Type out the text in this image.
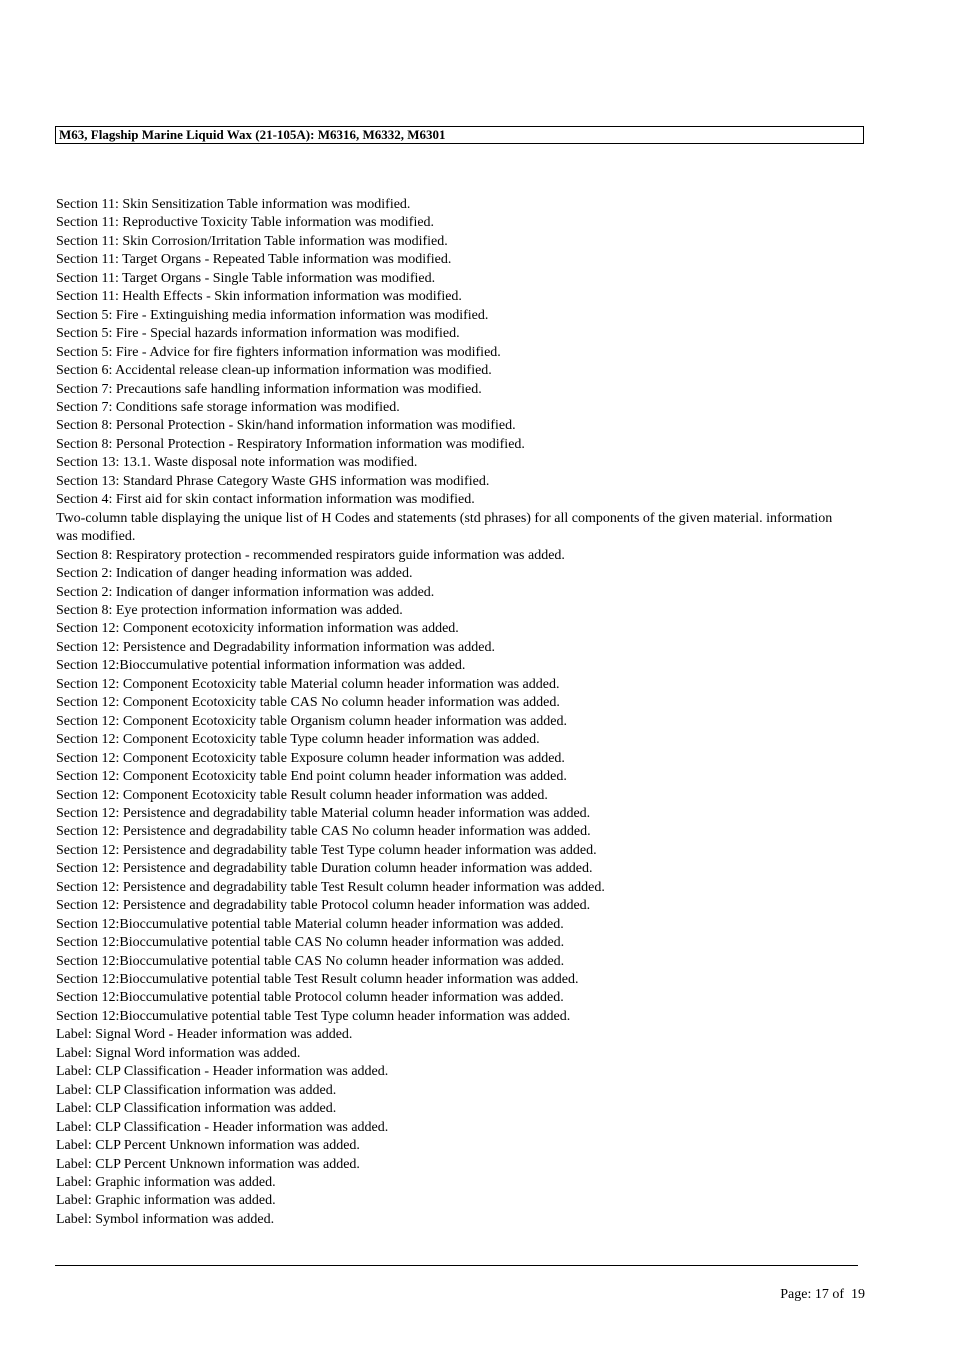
M63, Flagship Marine Liquid Wax (21-105A): M6316, M6332, M6301
Section 11: Skin Sensitization Table information was modified.
Section 11: Reproductive Toxicity Table information was modified.
Section 11: Skin Corrosion/Irritation Table information was modified.
Section 11: Target Organs - Repeated Table information was modified.
Section 11: Target Organs - Single Table information was modified.
Section 11: Health Effects - Skin information information was modified.
Section 5: Fire - Extinguishing media information information was modified.
Section 5: Fire - Special hazards information information was modified.
Section 5: Fire - Advice for fire fighters information information was modified.
Section 6: Accidental release clean-up information information was modified.
Section 7: Precautions safe handling information information was modified.
Section 7: Conditions safe storage information was modified.
Section 8: Personal Protection - Skin/hand information information was modified.
Section 8: Personal Protection - Respiratory Information information was modified.
Section 13: 13.1. Waste disposal note information was modified.
Section 13: Standard Phrase Category Waste GHS information was modified.
Section 4: First aid for skin contact information information was modified.
Two-column table displaying the unique list of H Codes and statements (std phrases) for all components of the given material. information was modified.
Section 8: Respiratory protection - recommended respirators guide information was added.
Section 2: Indication of danger heading information was added.
Section 2: Indication of danger information information was added.
Section 8: Eye protection information information was added.
Section 12: Component ecotoxicity information information was added.
Section 12: Persistence and Degradability information information was added.
Section 12:Bioccumulative potential information information was added.
Section 12: Component Ecotoxicity table Material column header information was added.
Section 12: Component Ecotoxicity table CAS No column header information was added.
Section 12: Component Ecotoxicity table Organism column header information was added.
Section 12: Component Ecotoxicity table Type column header information was added.
Section 12: Component Ecotoxicity table Exposure column header information was added.
Section 12: Component Ecotoxicity table End point column header information was added.
Section 12: Component Ecotoxicity table Result column header information was added.
Section 12: Persistence and degradability table Material column header information was added.
Section 12: Persistence and degradability table CAS No column header information was added.
Section 12: Persistence and degradability table Test Type column header information was added.
Section 12: Persistence and degradability table Duration column header information was added.
Section 12: Persistence and degradability table Test Result column header information was added.
Section 12: Persistence and degradability table Protocol column header information was added.
Section 12:Bioccumulative potential table Material column header information was added.
Section 12:Bioccumulative potential table CAS No column header information was added.
Section 12:Bioccumulative potential table CAS No column header information was added.
Section 12:Bioccumulative potential table Test Result column header information was added.
Section 12:Bioccumulative potential table Protocol column header information was added.
Section 12:Bioccumulative potential table Test Type column header information was added.
Label: Signal Word - Header information was added.
Label: Signal Word information was added.
Label: CLP Classification - Header information was added.
Label: CLP Classification information was added.
Label: CLP Classification information was added.
Label: CLP Classification - Header information was added.
Label: CLP Percent Unknown information was added.
Label: CLP Percent Unknown information was added.
Label: Graphic information was added.
Label: Graphic information was added.
Label: Symbol information was added.
Page: 17 of  19
